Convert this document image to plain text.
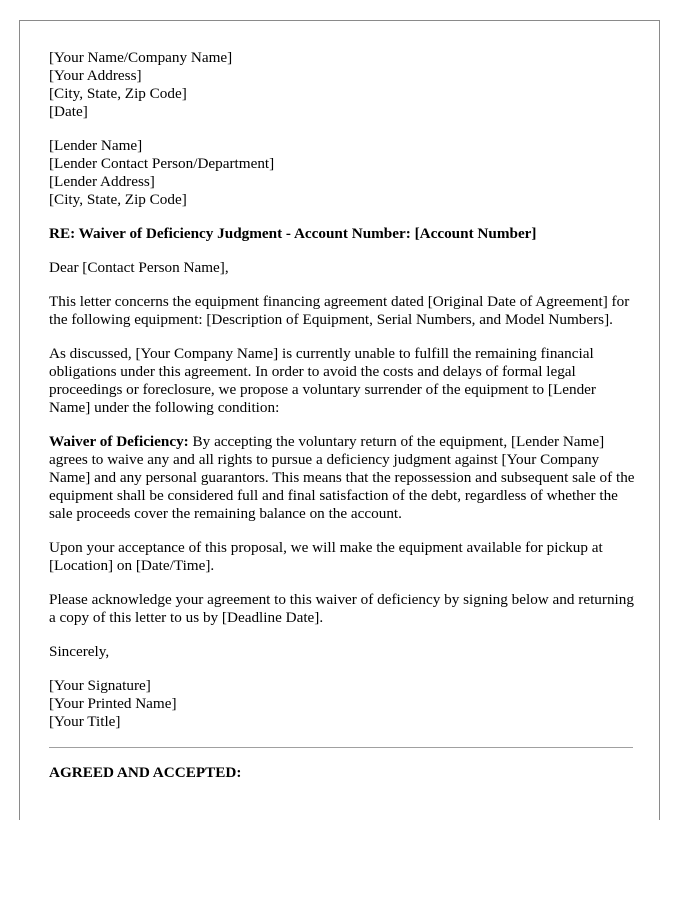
[Your Name/Company Name]
[Your Address]
[City, State, Zip Code]
[Date]
[Lender Name]
[Lender Contact Person/Department]
[Lender Address]
[City, State, Zip Code]

RE: Waiver of Deficiency Judgment - Account Number: [Account Number]

Dear [Contact Person Name],

This letter concerns the equipment financing agreement dated [Original Date of Agreement] for the following equipment: [Description of Equipment, Serial Numbers, and Model Numbers].

As discussed, [Your Company Name] is currently unable to fulfill the remaining financial obligations under this agreement. In order to avoid the costs and delays of formal legal proceedings or foreclosure, we propose a voluntary surrender of the equipment to [Lender Name] under the following condition:

Waiver of Deficiency: By accepting the voluntary return of the equipment, [Lender Name] agrees to waive any and all rights to pursue a deficiency judgment against [Your Company Name] and any personal guarantors. This means that the repossession and subsequent sale of the equipment shall be considered full and final satisfaction of the debt, regardless of whether the sale proceeds cover the remaining balance on the account.

Upon your acceptance of this proposal, we will make the equipment available for pickup at [Location] on [Date/Time].

Please acknowledge your agreement to this waiver of deficiency by signing below and returning a copy of this letter to us by [Deadline Date].

Sincerely,

[Your Signature]
[Your Printed Name]
[Your Title]

AGREED AND ACCEPTED:
